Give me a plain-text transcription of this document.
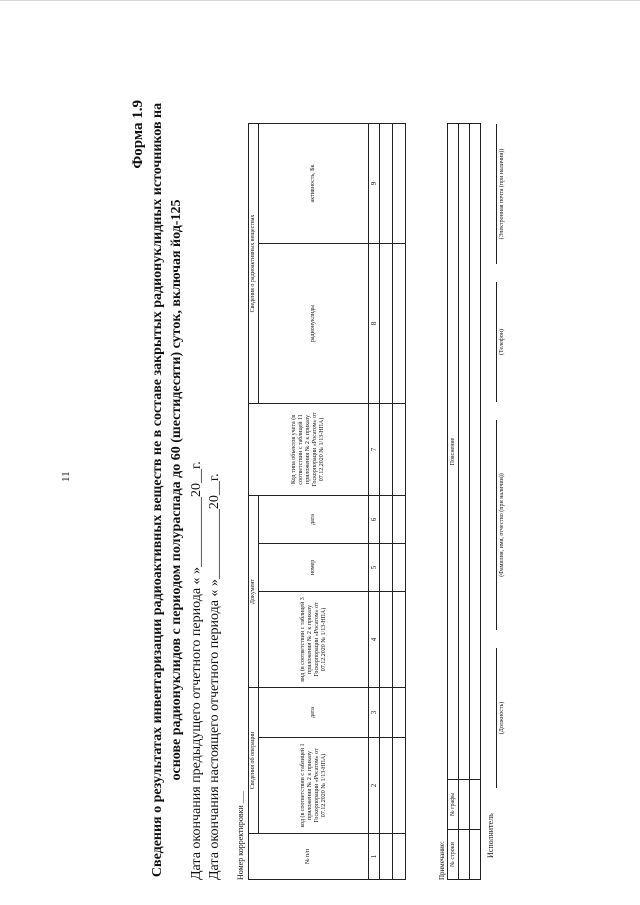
11
Форма 1.9 Сведения о результатах инвентаризации радиоактивных веществ не в составе закрытых радионуклидных источников на основе радионуклидов с периодом полураспада до 60 (шестидесяти) суток, включая йод-125 Дата окончания предыдущего отчетного периода « »__________20__г. Дата окончания настоящего отчетного периода « »__________20__г. Номер корректировки ___	№ п/п	Сведения об операции		Документ			Код типа объектов учета (в соответствии с таблицей 11 приложения № 2 к приказу Госкорпорации «Росатом» от 07.12.2020 № 1/13-НПА)	Сведения о радиоактивных веществах	
	код (в соответствии с таблицей 1 приложения № 2 к приказу Госкорпорации «Росатом» от 07.12.2020 № 1/13-НПА)	дата	вид (в соответствии с таблицей 3 приложения № 2 к приказу Госкорпорации «Росатом» от 07.12.2020 № 1/13-НПА)	номер	дата		радионуклиды	активность, Бк
1	2	3	4	5	6	7	8	9

Примечание: № строки	№ графы	Пояснение

Исполнитель
(Должность)
(Фамилия, имя, отчество (при наличии))
(Телефон)
(Электронная почта (при наличии))
